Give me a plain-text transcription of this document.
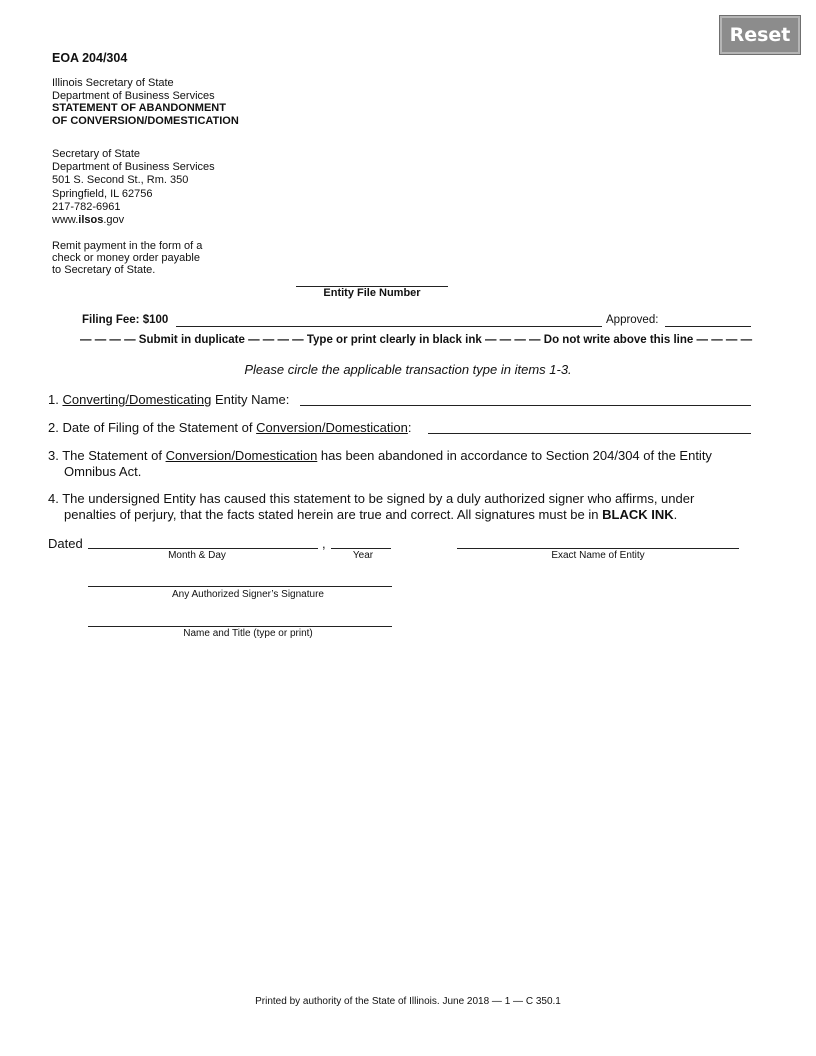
Reset
EOA 204/304
Illinois Secretary of State
Department of Business Services
STATEMENT OF ABANDONMENT
OF CONVERSION/DOMESTICATION
Secretary of State
Department of Business Services
501 S. Second St., Rm. 350
Springfield, IL 62756
217-782-6961
www.ilsos.gov
Remit payment in the form of a
check or money order payable
to Secretary of State.
Entity File Number
Filing Fee: $100	Approved:
— — — — Submit in duplicate — — — — Type or print clearly in black ink — — — — Do not write above this line — — — —
Please circle the applicable transaction type in items 1-3.
1. Converting/Domesticating Entity Name:
2. Date of Filing of the Statement of Conversion/Domestication:
3. The Statement of Conversion/Domestication has been abandoned in accordance to Section 204/304 of the Entity
Omnibus Act.
4. The undersigned Entity has caused this statement to be signed by a duly authorized signer who affirms, under
penalties of perjury, that the facts stated herein are true and correct. All signatures must be in BLACK INK.
Dated	,
Month & Day	Year	Exact Name of Entity
Any Authorized Signer’s Signature
Name and Title (type or print)
Printed by authority of the State of Illinois. June 2018 — 1 — C 350.1
